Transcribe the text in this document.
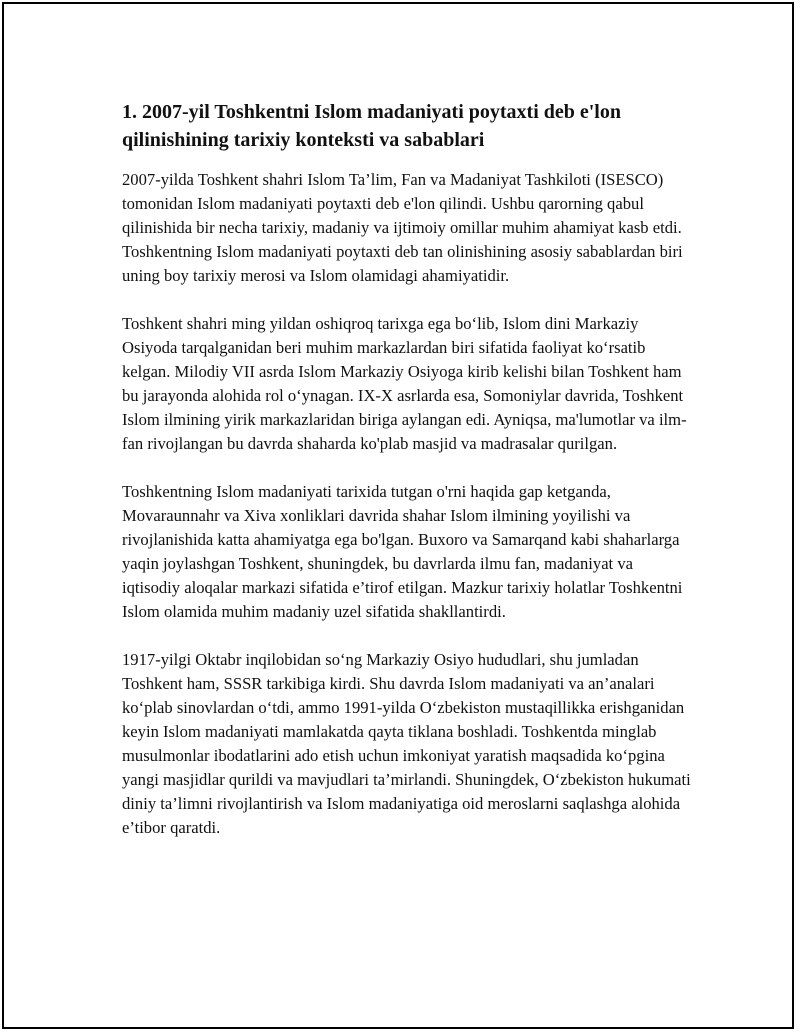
1. 2007-yil Toshkentni Islom madaniyati poytaxti deb e'lon qilinishining tarixiy konteksti va sabablari

2007-yilda Toshkent shahri Islom Ta’lim, Fan va Madaniyat Tashkiloti (ISESCO) tomonidan Islom madaniyati poytaxti deb e'lon qilindi. Ushbu qarorning qabul qilinishida bir necha tarixiy, madaniy va ijtimoiy omillar muhim ahamiyat kasb etdi. Toshkentning Islom madaniyati poytaxti deb tan olinishining asosiy sabablardan biri uning boy tarixiy merosi va Islom olamidagi ahamiyatidir.

Toshkent shahri ming yildan oshiqroq tarixga ega bo‘lib, Islom dini Markaziy Osiyoda tarqalganidan beri muhim markazlardan biri sifatida faoliyat ko‘rsatib kelgan. Milodiy VII asrda Islom Markaziy Osiyoga kirib kelishi bilan Toshkent ham bu jarayonda alohida rol o‘ynagan. IX-X asrlarda esa, Somoniylar davrida, Toshkent Islom ilmining yirik markazlaridan biriga aylangan edi. Ayniqsa, ma'lumotlar va ilm-fan rivojlangan bu davrda shaharda ko'plab masjid va madrasalar qurilgan.

Toshkentning Islom madaniyati tarixida tutgan o'rni haqida gap ketganda, Movaraunnahr va Xiva xonliklari davrida shahar Islom ilmining yoyilishi va rivojlanishida katta ahamiyatga ega bo'lgan. Buxoro va Samarqand kabi shaharlarga yaqin joylashgan Toshkent, shuningdek, bu davrlarda ilmu fan, madaniyat va iqtisodiy aloqalar markazi sifatida e’tirof etilgan. Mazkur tarixiy holatlar Toshkentni Islom olamida muhim madaniy uzel sifatida shakllantirdi.

1917-yilgi Oktabr inqilobidan so‘ng Markaziy Osiyo hududlari, shu jumladan Toshkent ham, SSSR tarkibiga kirdi. Shu davrda Islom madaniyati va an’analari ko‘plab sinovlardan o‘tdi, ammo 1991-yilda O‘zbekiston mustaqillikka erishganidan keyin Islom madaniyati mamlakatda qayta tiklana boshladi. Toshkentda minglab musulmonlar ibodatlarini ado etish uchun imkoniyat yaratish maqsadida ko‘pgina yangi masjidlar qurildi va mavjudlari ta’mirlandi. Shuningdek, O‘zbekiston hukumati diniy ta’limni rivojlantirish va Islom madaniyatiga oid meroslarni saqlashga alohida e’tibor qaratdi.
